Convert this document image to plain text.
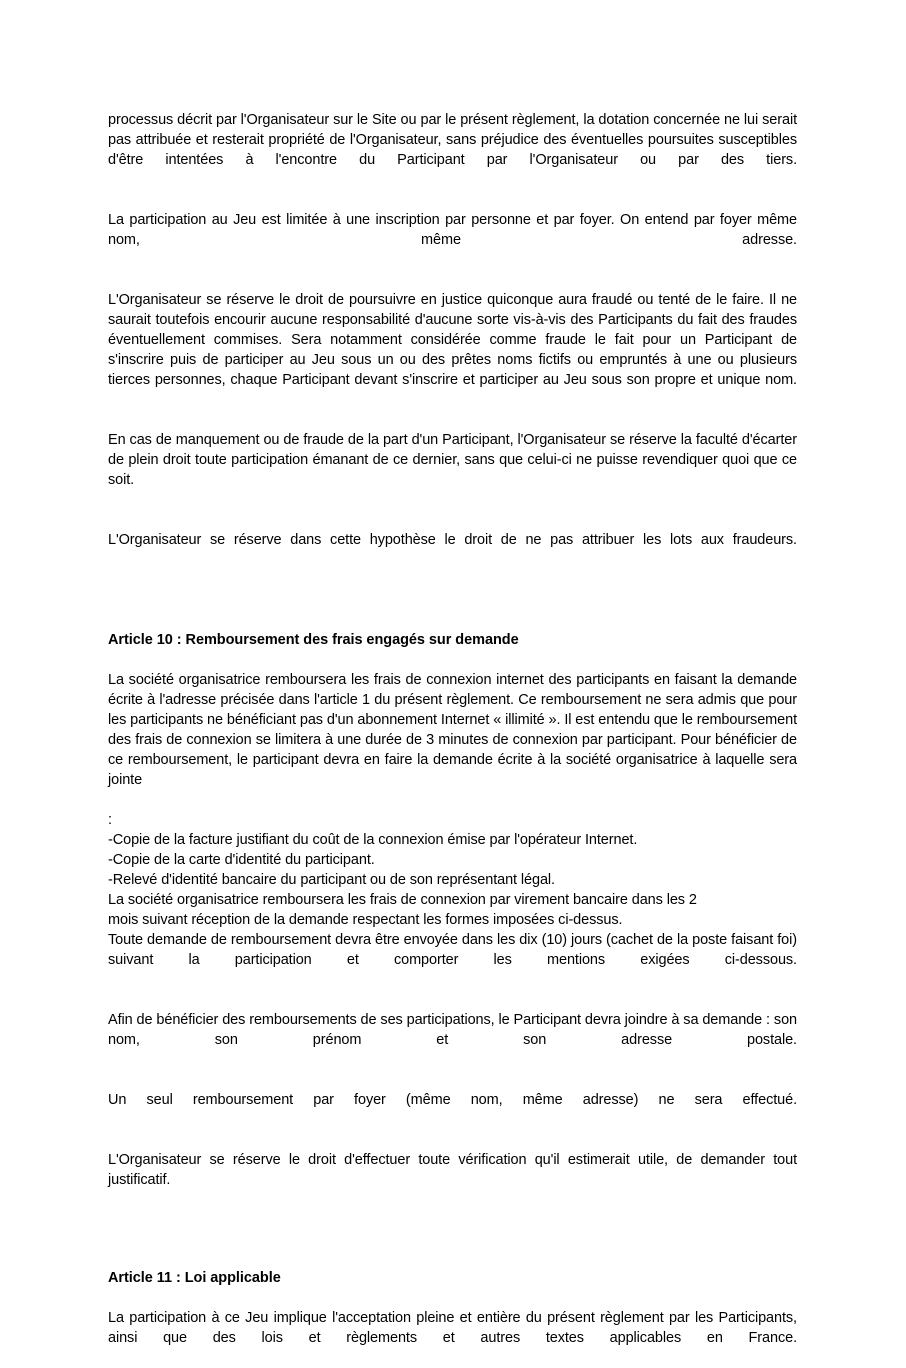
processus décrit par l'Organisateur sur le Site ou par le présent règlement, la dotation concernée ne lui serait pas attribuée et resterait propriété de l'Organisateur, sans préjudice des éventuelles poursuites susceptibles d'être intentées à l'encontre du Participant par l'Organisateur ou par des tiers.

La participation au Jeu est limitée à une inscription par personne et par foyer. On entend par foyer même nom, même adresse.

L'Organisateur se réserve le droit de poursuivre en justice quiconque aura fraudé ou tenté de le faire. Il ne saurait toutefois encourir aucune responsabilité d'aucune sorte vis-à-vis des Participants du fait des fraudes éventuellement commises. Sera notamment considérée comme fraude le fait pour un Participant de s'inscrire puis de participer au Jeu sous un ou des prêtes noms fictifs ou empruntés à une ou plusieurs tierces personnes, chaque Participant devant s'inscrire et participer au Jeu sous son propre et unique nom.

En cas de manquement ou de fraude de la part d'un Participant, l'Organisateur se réserve la faculté d'écarter de plein droit toute participation émanant de ce dernier, sans que celui-ci ne puisse revendiquer quoi que ce soit.

L'Organisateur se réserve dans cette hypothèse le droit de ne pas attribuer les lots aux fraudeurs.

Article 10 : Remboursement des frais engagés sur demande

La société organisatrice remboursera les frais de connexion internet des participants en faisant la demande écrite à l'adresse précisée dans l'article 1 du présent règlement. Ce remboursement ne sera admis que pour les participants ne bénéficiant pas d'un abonnement Internet « illimité ». Il est entendu que le remboursement des frais de connexion se limitera à une durée de 3 minutes de connexion par participant. Pour bénéficier de ce remboursement, le participant devra en faire la demande écrite à la société organisatrice à laquelle sera jointe

:

-Copie de la facture justifiant du coût de la connexion émise par l'opérateur Internet.

-Copie de la carte d'identité du participant.

-Relevé d'identité bancaire du participant ou de son représentant légal.

La société organisatrice remboursera les frais de connexion par virement bancaire dans les 2

mois suivant réception de la demande respectant les formes imposées ci-dessus.

Toute demande de remboursement devra être envoyée dans les dix (10) jours (cachet de la poste faisant foi) suivant la participation et comporter les mentions exigées ci-dessous.

Afin de bénéficier des remboursements de ses participations, le Participant devra joindre à sa demande : son nom, son prénom et son adresse postale.

Un seul remboursement par foyer (même nom, même adresse) ne sera effectué.

L'Organisateur se réserve le droit d'effectuer toute vérification qu'il estimerait utile, de demander tout justificatif.

Article 11 : Loi applicable

La participation à ce Jeu implique l'acceptation pleine et entière du présent règlement par les Participants, ainsi que des lois et règlements et autres textes applicables en France.
